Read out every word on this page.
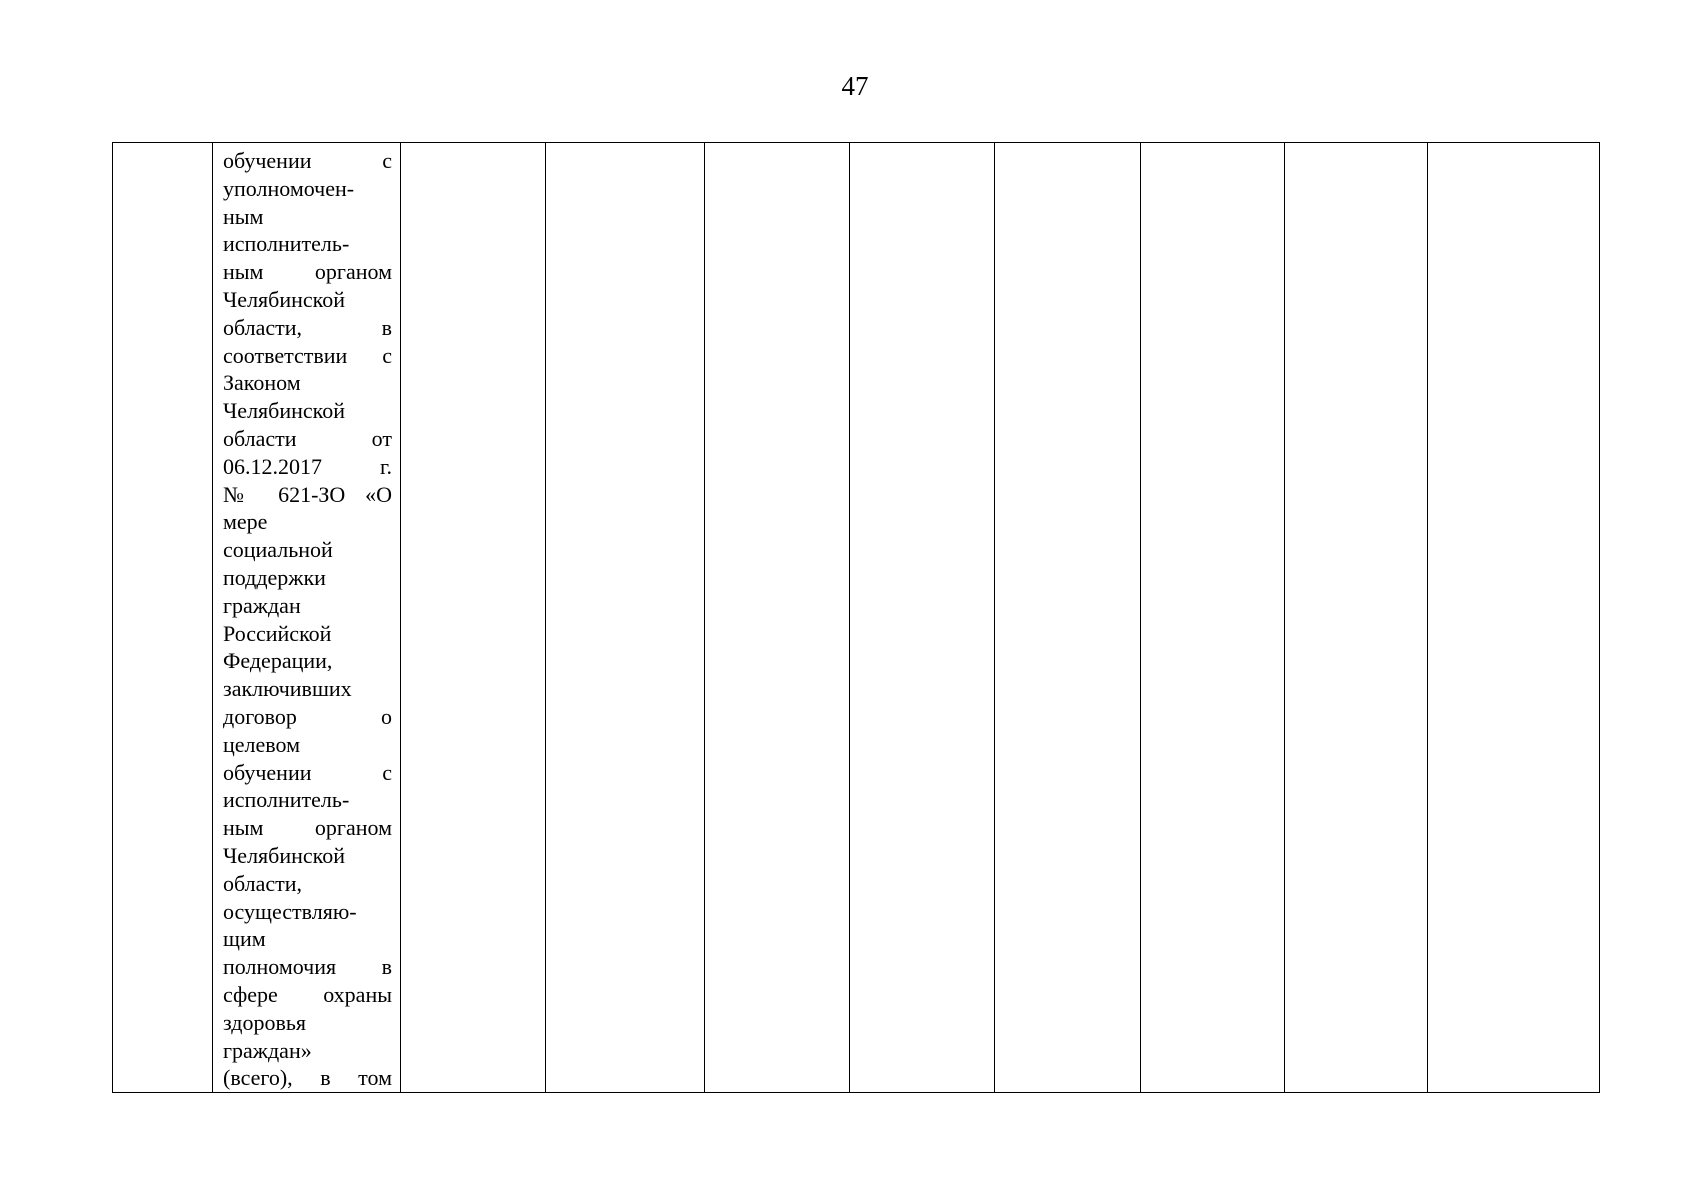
47

обучении с
уполномочен-
ным
исполнитель-
ным органом
Челябинской
области, в
соответствии с
Законом
Челябинской
области от
06.12.2017 г.
№ 621-ЗО «О
мере
социальной
поддержки
граждан
Российской
Федерации,
заключивших
договор о
целевом
обучении с
исполнитель-
ным органом
Челябинской
области,
осуществляю-
щим
полномочия в
сфере охраны
здоровья
граждан»
(всего), в том
